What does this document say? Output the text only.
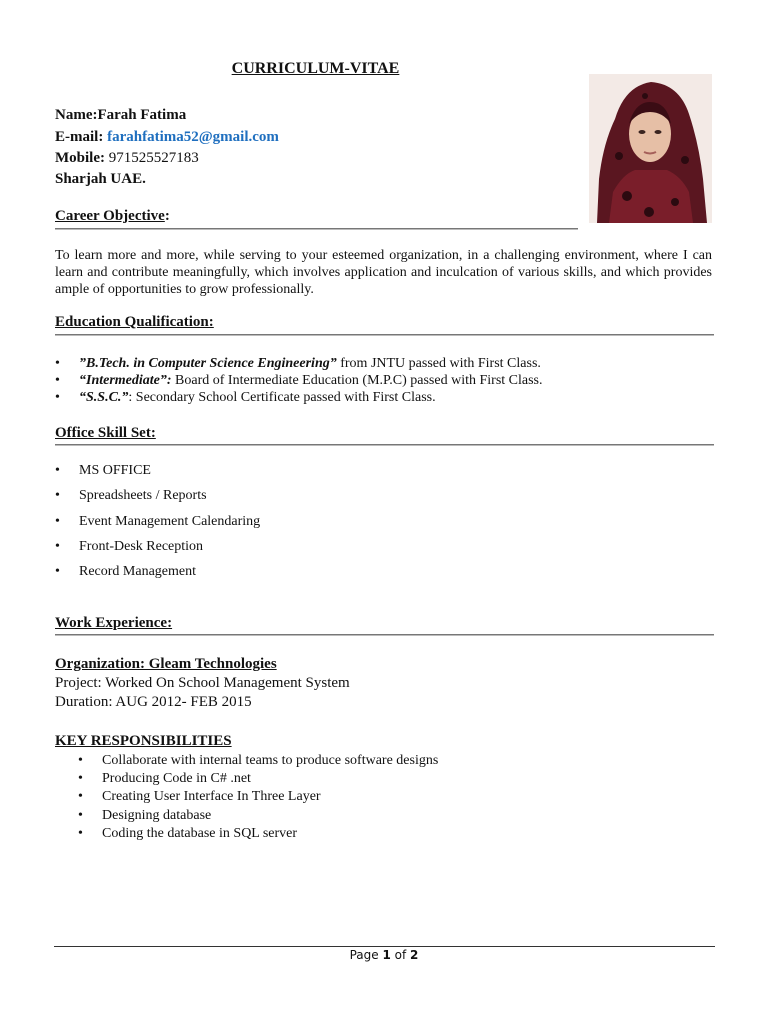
CURRICULUM-VITAE
Name:Farah Fatima
E-mail: farahfatima52@gmail.com
Mobile: 971525527183
Sharjah UAE.
Career Objective:
To learn more and more, while serving to your esteemed organization, in a challenging environment, where I can learn and contribute meaningfully, which involves application and inculcation of various skills, and which provides ample of opportunities to grow professionally.
Education Qualification:
• ”B.Tech. in Computer Science Engineering” from JNTU passed with First Class.
• “Intermediate”: Board of Intermediate Education (M.P.C) passed with First Class.
• “S.S.C.”: Secondary School Certificate passed with First Class.
Office Skill Set:
• MS OFFICE
• Spreadsheets / Reports
• Event Management Calendaring
• Front-Desk Reception
• Record Management
Work Experience:
Organization: Gleam Technologies
Project: Worked On School Management System
Duration: AUG 2012- FEB 2015
KEY RESPONSIBILITIES
• Collaborate with internal teams to produce software designs
• Producing Code in C# .net
• Creating User Interface In Three Layer
• Designing database
• Coding the database in SQL server
Page 1 of 2
